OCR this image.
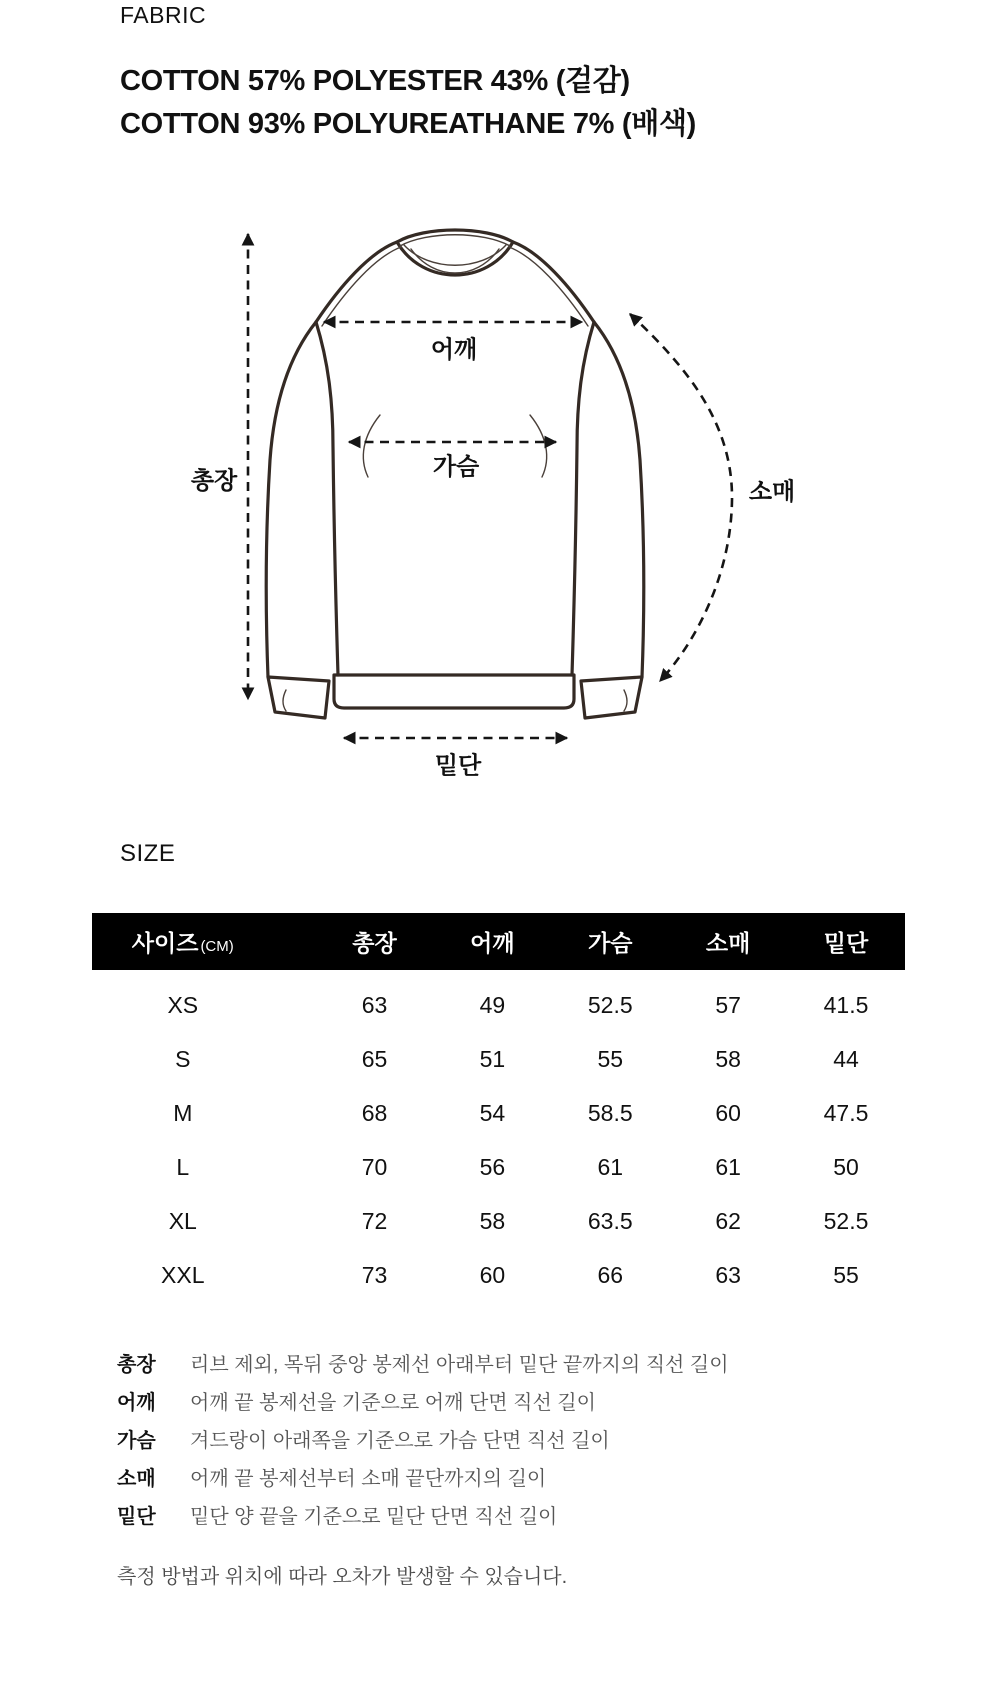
FABRIC
COTTON 57% POLYESTER 43% (겉감)
COTTON 93% POLYUREATHANE 7% (배색)
어깨
가슴
총장	소매
밑단
SIZE
사이즈 (CM)	총장	어깨	가슴	소매	밑단
XS	63	49	52.5	57	41.5
S	65	51	55	58	44
M	68	54	58.5	60	47.5
L	70	56	61	61	50
XL	72	58	63.5	62	52.5
XXL	73	60	66	63	55
총장	리브 제외, 목뒤 중앙 봉제선 아래부터 밑단 끝까지의 직선 길이
어깨	어깨 끝 봉제선을 기준으로 어깨 단면 직선 길이
가슴	겨드랑이 아래쪽을 기준으로 가슴 단면 직선 길이
소매	어깨 끝 봉제선부터 소매 끝단까지의 길이
밑단	밑단 양 끝을 기준으로 밑단 단면 직선 길이
측정 방법과 위치에 따라 오차가 발생할 수 있습니다.
